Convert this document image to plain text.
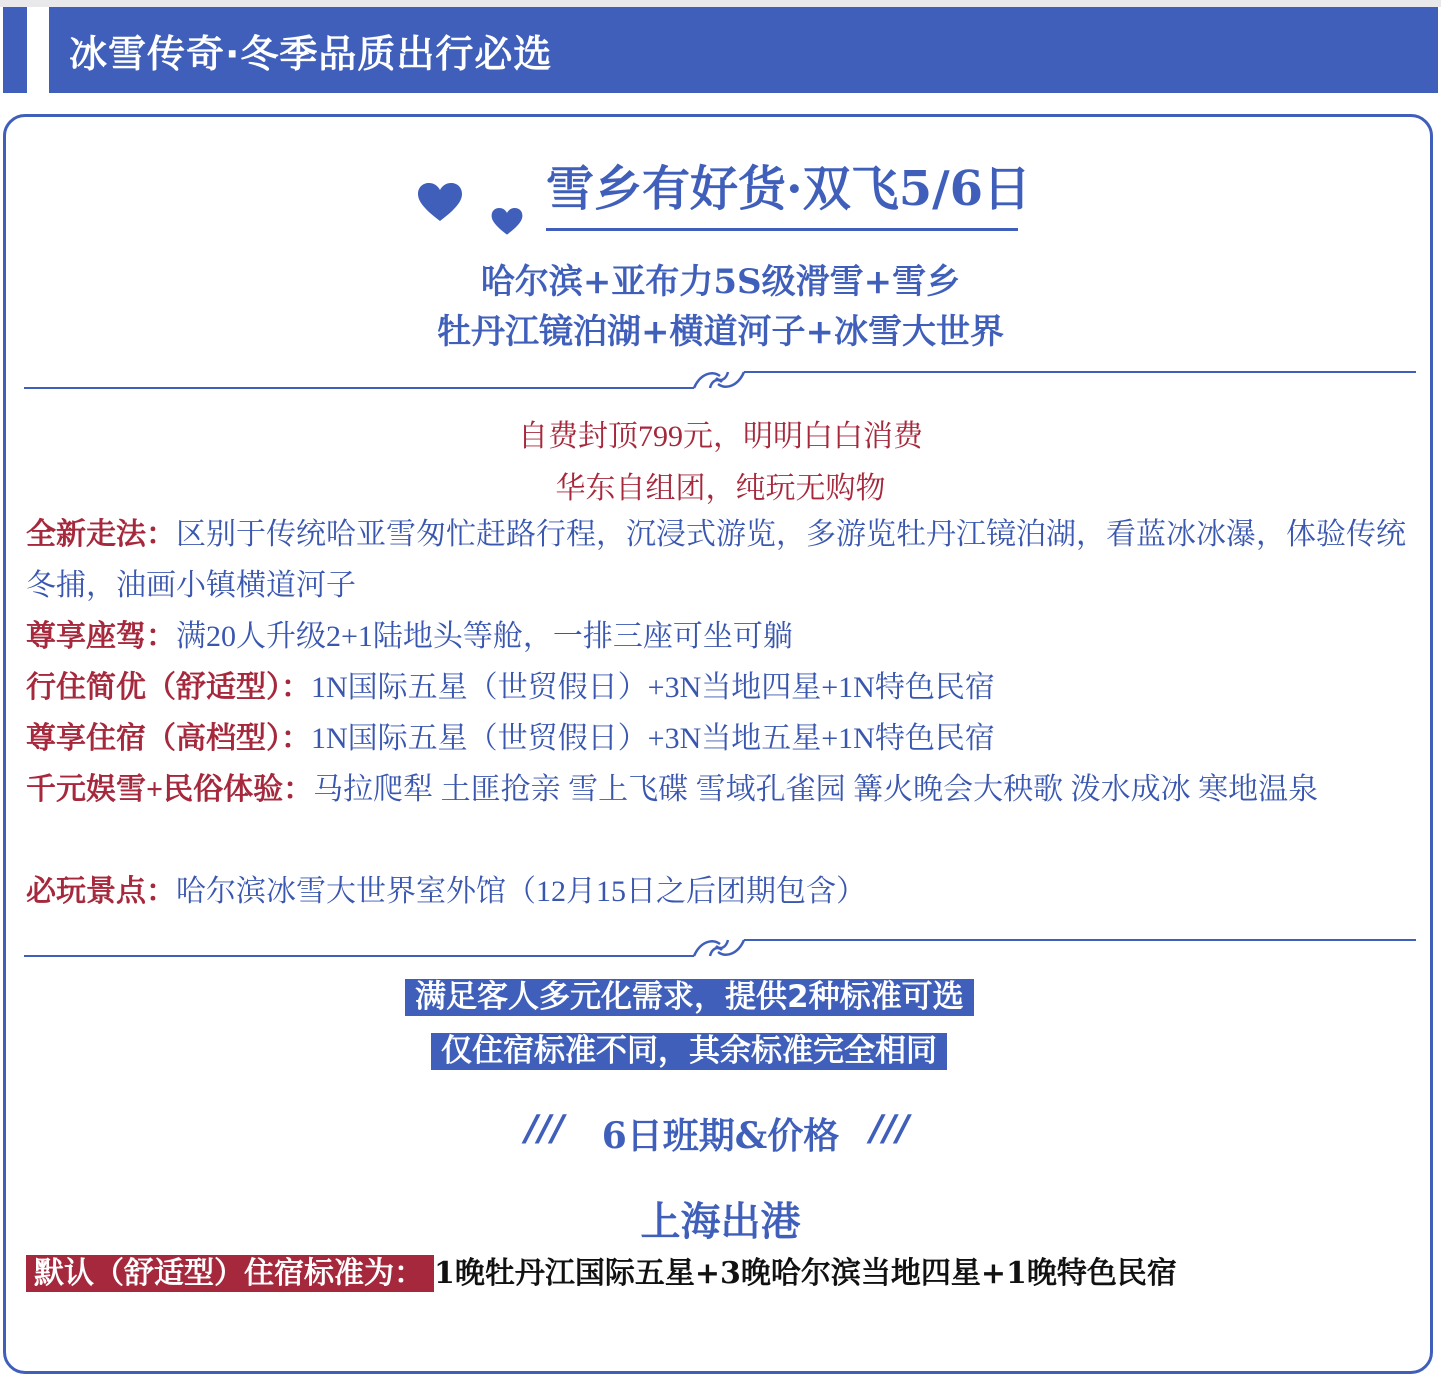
冰雪传奇·冬季品质出行必选
雪乡有好货·双飞5/6日
哈尔滨+亚布力5S级滑雪+雪乡
牡丹江镜泊湖+横道河子+冰雪大世界
自费封顶799元，明明白白消费
华东自组团，纯玩无购物
全新走法：区别于传统哈亚雪匆忙赶路行程，沉浸式游览，多游览牡丹江镜泊湖，看蓝冰冰瀑，体验传统冬捕，油画小镇横道河子
尊享座驾：满20人升级2+1陆地头等舱，一排三座可坐可躺
行住简优（舒适型）：1N国际五星（世贸假日）+3N当地四星+1N特色民宿
尊享住宿（高档型）：1N国际五星（世贸假日）+3N当地五星+1N特色民宿
千元娱雪+民俗体验：马拉爬犁 土匪抢亲 雪上飞碟 雪域孔雀园 篝火晚会大秧歌 泼水成冰 寒地温泉
必玩景点：哈尔滨冰雪大世界室外馆（12月15日之后团期包含）
满足客人多元化需求，提供2种标准可选
仅住宿标准不同，其余标准完全相同
///	6日班期&价格 ///
上海出港
默认（舒适型）住宿标准为： 1晚牡丹江国际五星+3晚哈尔滨当地四星+1晚特色民宿
